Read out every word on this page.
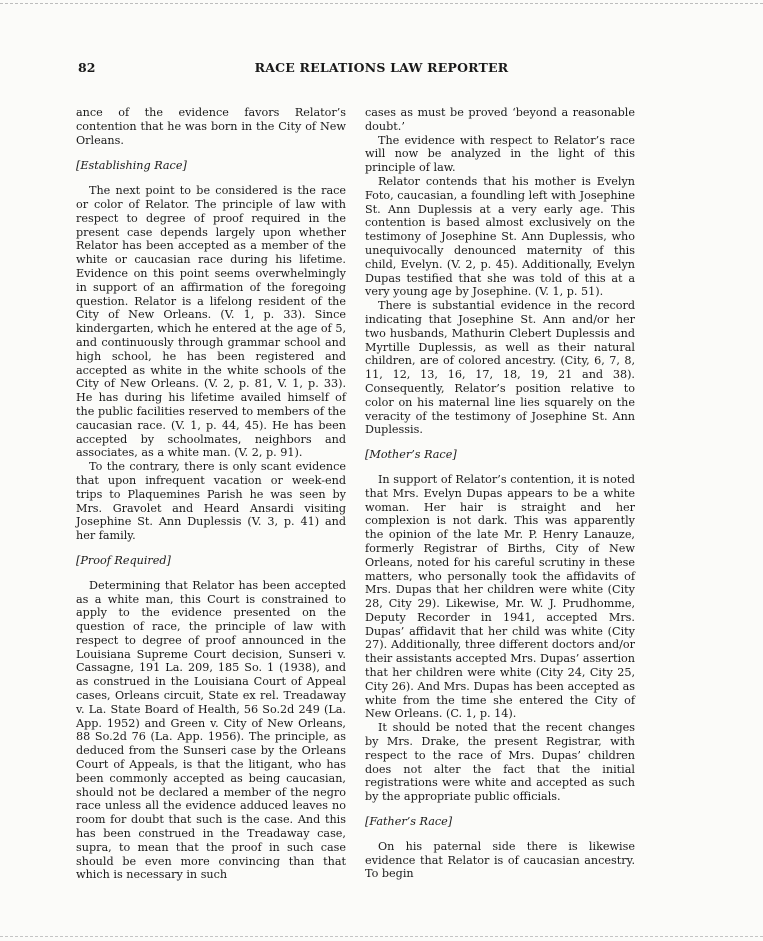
82	RACE RELATIONS LAW REPORTER

ance of the evidence favors Relator’s contention that he was born in the City of New Orleans.

[Establishing Race]

The next point to be considered is the race or color of Relator. The principle of law with respect to degree of proof required in the present case depends largely upon whether Relator has been accepted as a member of the white or caucasian race during his lifetime. Evidence on this point seems overwhelmingly in support of an affirmation of the foregoing question. Relator is a lifelong resident of the City of New Orleans. (V. 1, p. 33). Since kindergarten, which he entered at the age of 5, and continuously through grammar school and high school, he has been registered and accepted as white in the white schools of the City of New Orleans. (V. 2, p. 81, V. 1, p. 33). He has during his lifetime availed himself of the public facilities reserved to members of the caucasian race. (V. 1, p. 44, 45). He has been accepted by schoolmates, neighbors and associates, as a white man. (V. 2, p. 91).

To the contrary, there is only scant evidence that upon infrequent vacation or week-end trips to Plaquemines Parish he was seen by Mrs. Gravolet and Heard Ansardi visiting Josephine St. Ann Duplessis (V. 3, p. 41) and her family.

[Proof Required]

Determining that Relator has been accepted as a white man, this Court is constrained to apply to the evidence presented on the question of race, the principle of law with respect to degree of proof announced in the Louisiana Supreme Court decision, Sunseri v. Cassagne, 191 La. 209, 185 So. 1 (1938), and as construed in the Louisiana Court of Appeal cases, Orleans circuit, State ex rel. Treadaway v. La. State Board of Health, 56 So.2d 249 (La. App. 1952) and Green v. City of New Orleans, 88 So.2d 76 (La. App. 1956). The principle, as deduced from the Sunseri case by the Orleans Court of Appeals, is that the litigant, who has been commonly accepted as being caucasian, should not be declared a member of the negro race unless all the evidence adduced leaves no room for doubt that such is the case. And this has been construed in the Treadaway case, supra, to mean that the proof in such case should be even more convincing than that which is necessary in such

cases as must be proved ‘beyond a reasonable doubt.’

The evidence with respect to Relator’s race will now be analyzed in the light of this principle of law.

Relator contends that his mother is Evelyn Foto, caucasian, a foundling left with Josephine St. Ann Duplessis at a very early age. This contention is based almost exclusively on the testimony of Josephine St. Ann Duplessis, who unequivocally denounced maternity of this child, Evelyn. (V. 2, p. 45). Additionally, Evelyn Dupas testified that she was told of this at a very young age by Josephine. (V. 1, p. 51).

There is substantial evidence in the record indicating that Josephine St. Ann and/or her two husbands, Mathurin Clebert Duplessis and Myrtille Duplessis, as well as their natural children, are of colored ancestry. (City, 6, 7, 8, 11, 12, 13, 16, 17, 18, 19, 21 and 38). Consequently, Relator’s position relative to color on his maternal line lies squarely on the veracity of the testimony of Josephine St. Ann Duplessis.

[Mother’s Race]

In support of Relator’s contention, it is noted that Mrs. Evelyn Dupas appears to be a white woman. Her hair is straight and her complexion is not dark. This was apparently the opinion of the late Mr. P. Henry Lanauze, formerly Registrar of Births, City of New Orleans, noted for his careful scrutiny in these matters, who personally took the affidavits of Mrs. Dupas that her children were white (City 28, City 29). Likewise, Mr. W. J. Prudhomme, Deputy Recorder in 1941, accepted Mrs. Dupas’ affidavit that her child was white (City 27). Additionally, three different doctors and/or their assistants accepted Mrs. Dupas’ assertion that her children were white (City 24, City 25, City 26). And Mrs. Dupas has been accepted as white from the time she entered the City of New Orleans. (C. 1, p. 14).

It should be noted that the recent changes by Mrs. Drake, the present Registrar, with respect to the race of Mrs. Dupas’ children does not alter the fact that the initial registrations were white and accepted as such by the appropriate public officials.

[Father’s Race]

On his paternal side there is likewise evidence that Relator is of caucasian ancestry. To begin
